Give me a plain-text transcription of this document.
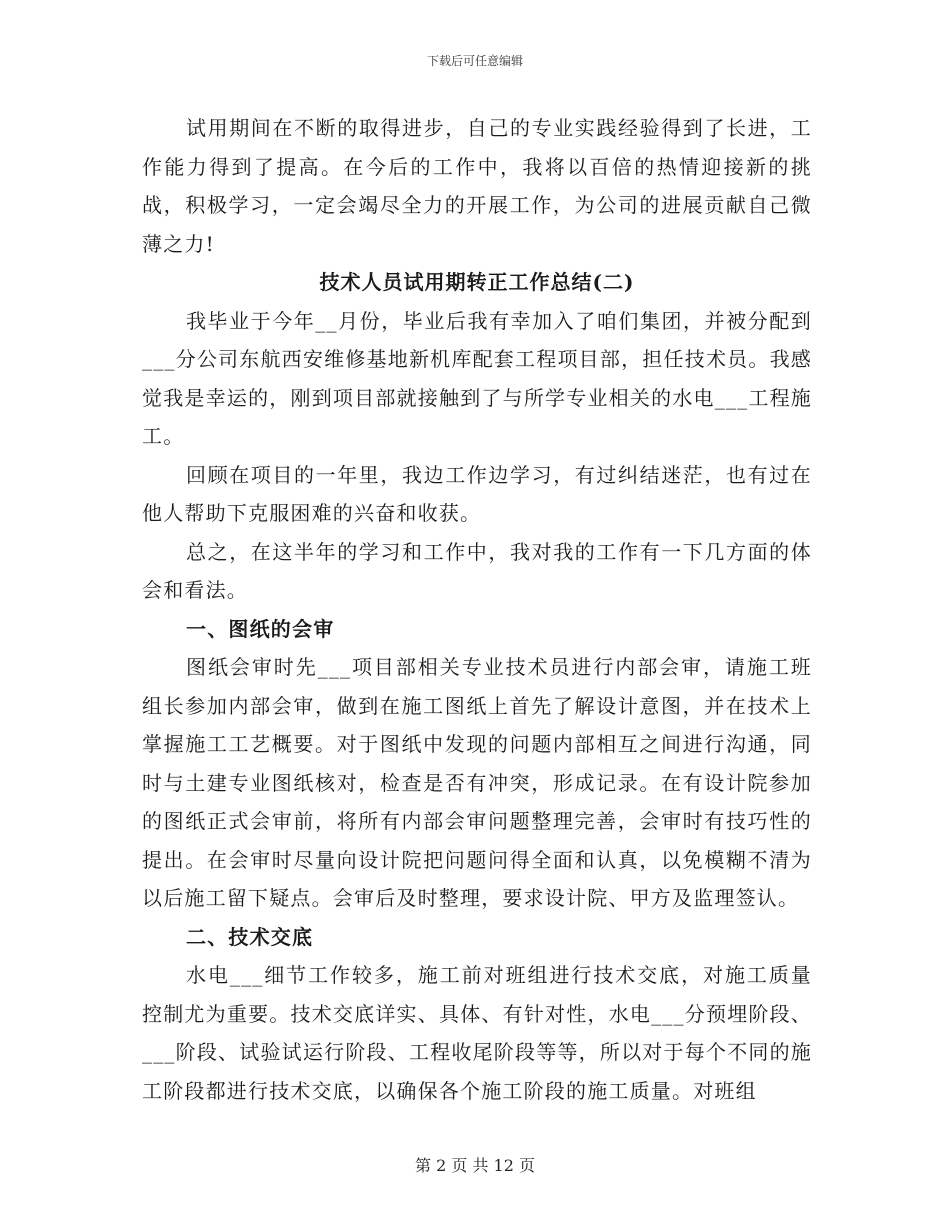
下载后可任意编辑

试用期间在不断的取得进步，自己的专业实践经验得到了长进，工作能力得到了提高。在今后的工作中，我将以百倍的热情迎接新的挑战，积极学习，一定会竭尽全力的开展工作，为公司的进展贡献自己微薄之力!

技术人员试用期转正工作总结(二)

我毕业于今年__月份，毕业后我有幸加入了咱们集团，并被分配到___分公司东航西安维修基地新机库配套工程项目部，担任技术员。我感觉我是幸运的，刚到项目部就接触到了与所学专业相关的水电___工程施工。

回顾在项目的一年里，我边工作边学习，有过纠结迷茫，也有过在他人帮助下克服困难的兴奋和收获。

总之，在这半年的学习和工作中，我对我的工作有一下几方面的体会和看法。

一、图纸的会审

图纸会审时先___项目部相关专业技术员进行内部会审，请施工班组长参加内部会审，做到在施工图纸上首先了解设计意图，并在技术上掌握施工工艺概要。对于图纸中发现的问题内部相互之间进行沟通，同时与土建专业图纸核对，检查是否有冲突，形成记录。在有设计院参加的图纸正式会审前，将所有内部会审问题整理完善，会审时有技巧性的提出。在会审时尽量向设计院把问题问得全面和认真，以免模糊不清为以后施工留下疑点。会审后及时整理，要求设计院、甲方及监理签认。

二、技术交底

水电___细节工作较多，施工前对班组进行技术交底，对施工质量控制尤为重要。技术交底详实、具体、有针对性，水电___分预埋阶段、___阶段、试验试运行阶段、工程收尾阶段等等，所以对于每个不同的施工阶段都进行技术交底，以确保各个施工阶段的施工质量。对班组

第 2 页 共 12 页
